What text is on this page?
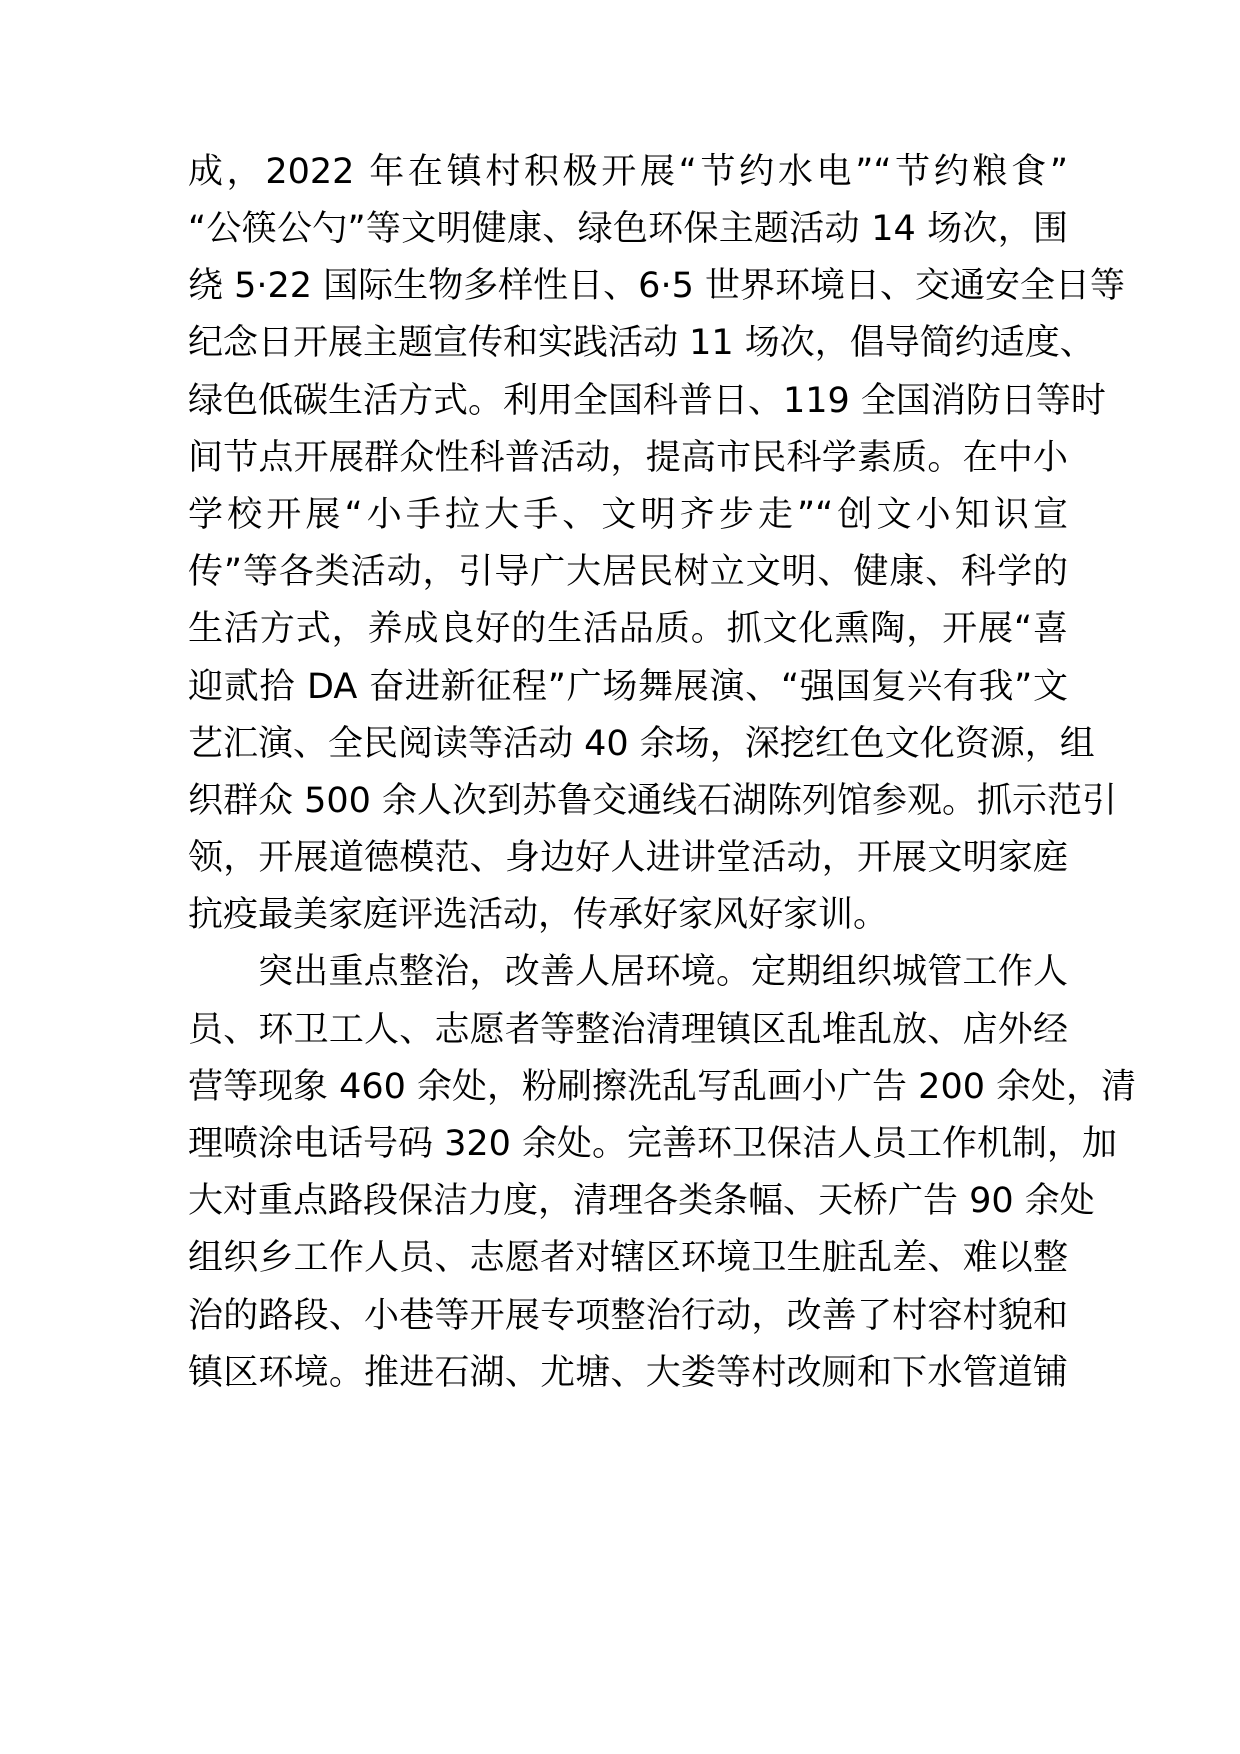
成，2022 年在镇村积极开展“节约水电”“节约粮食”
“公筷公勺”等文明健康、绿色环保主题活动 14 场次，围
绕 5·22 国际生物多样性日、6·5 世界环境日、交通安全日等
纪念日开展主题宣传和实践活动 11 场次，倡导简约适度、
绿色低碳生活方式。利用全国科普日、119 全国消防日等时
间节点开展群众性科普活动，提高市民科学素质。在中小
学校开展“小手拉大手、文明齐步走”“创文小知识宣
传”等各类活动，引导广大居民树立文明、健康、科学的
生活方式，养成良好的生活品质。抓文化熏陶，开展“喜
迎贰拾 DA 奋进新征程”广场舞展演、“强国复兴有我”文
艺汇演、全民阅读等活动 40 余场，深挖红色文化资源，组
织群众 500 余人次到苏鲁交通线石湖陈列馆参观。抓示范引
领，开展道德模范、身边好人进讲堂活动，开展文明家庭
抗疫最美家庭评选活动，传承好家风好家训。
突出重点整治，改善人居环境。定期组织城管工作人
员、环卫工人、志愿者等整治清理镇区乱堆乱放、店外经
营等现象 460 余处，粉刷擦洗乱写乱画小广告 200 余处，清
理喷涂电话号码 320 余处。完善环卫保洁人员工作机制，加
大对重点路段保洁力度，清理各类条幅、天桥广告 90 余处
组织乡工作人员、志愿者对辖区环境卫生脏乱差、难以整
治的路段、小巷等开展专项整治行动，改善了村容村貌和
镇区环境。推进石湖、尤塘、大娄等村改厕和下水管道铺
